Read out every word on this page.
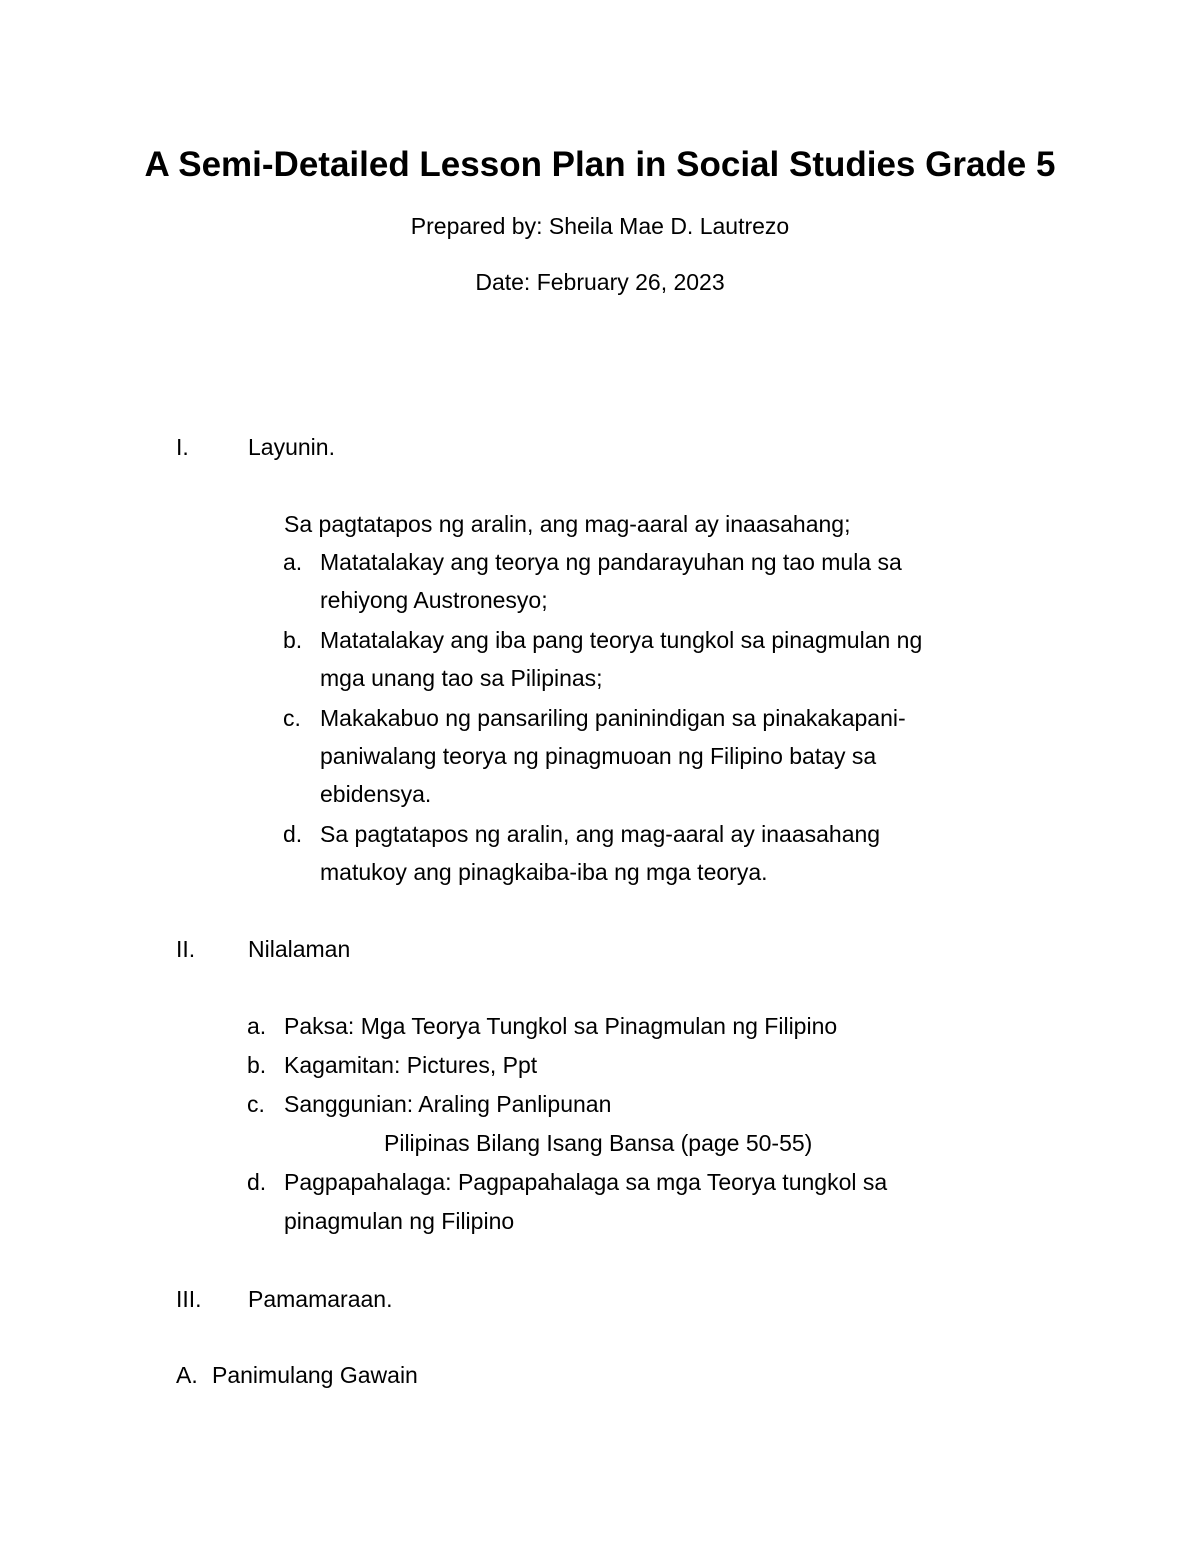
A Semi-Detailed Lesson Plan in Social Studies Grade 5
Prepared by: Sheila Mae D. Lautrezo
Date: February 26, 2023
I.	Layunin.
Sa pagtatapos ng aralin, ang mag-aaral ay inaasahang;
a. Matatalakay ang teorya ng pandarayuhan ng tao mula sa
rehiyong Austronesyo;
b. Matatalakay ang iba pang teorya tungkol sa pinagmulan ng
mga unang tao sa Pilipinas;
c. Makakabuo ng pansariling paninindigan sa pinakakapani-
paniwalang teorya ng pinagmuoan ng Filipino batay sa
ebidensya.
d. Sa pagtatapos ng aralin, ang mag-aaral ay inaasahang
matukoy ang pinagkaiba-iba ng mga teorya.
II. Nilalaman
a. Paksa: Mga Teorya Tungkol sa Pinagmulan ng Filipino
b. Kagamitan: Pictures, Ppt
c. Sanggunian: Araling Panlipunan
Pilipinas Bilang Isang Bansa (page 50-55)
d. Pagpapahalaga: Pagpapahalaga sa mga Teorya tungkol sa
pinagmulan ng Filipino
III. Pamamaraan.
A. Panimulang Gawain
